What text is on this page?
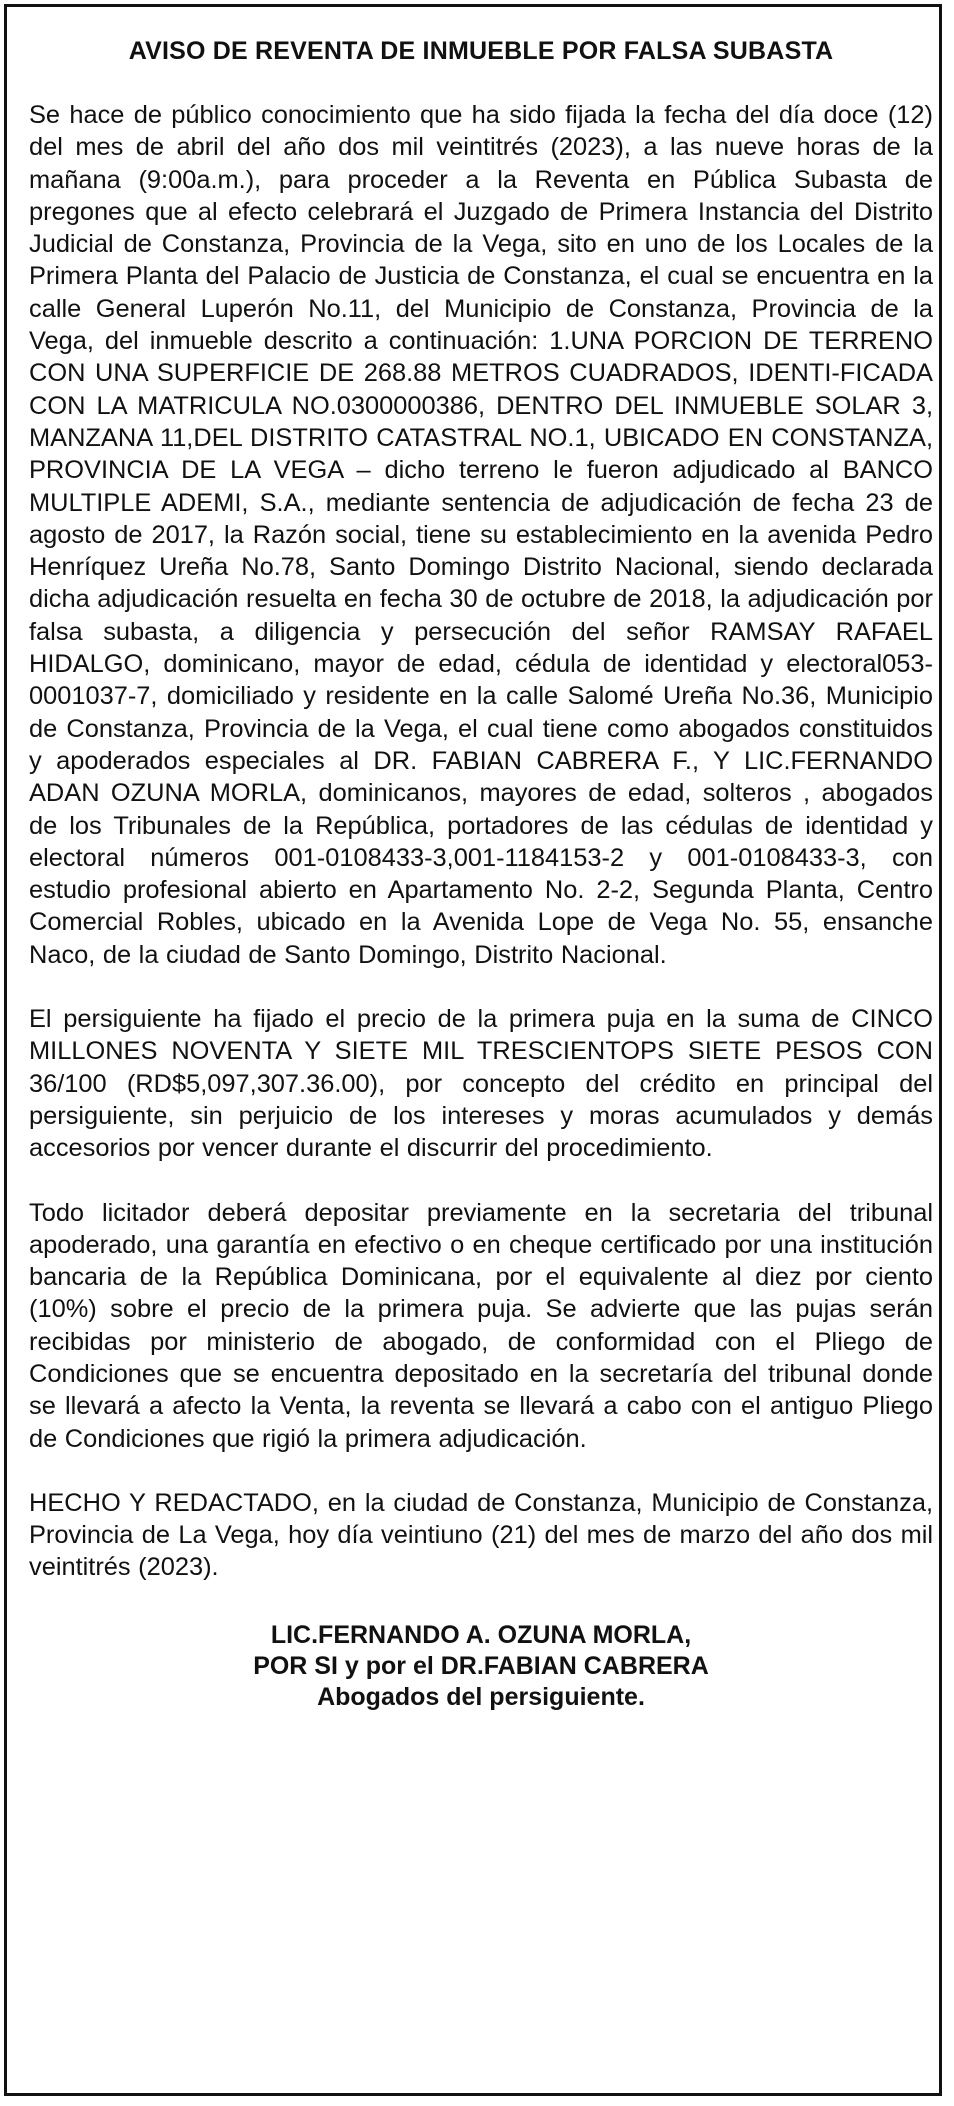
AVISO DE REVENTA DE INMUEBLE POR FALSA SUBASTA

Se hace de público conocimiento que ha sido fijada la fecha del día doce (12) del mes de abril del año dos mil veintitrés (2023), a las nueve horas de la mañana (9:00a.m.), para proceder a la Reventa en Pública Subasta de pregones que al efecto celebrará el Juzgado de Primera Instancia del Distrito Judicial de Constanza, Provincia de la Vega, sito en uno de los Locales de la Primera Planta del Palacio de Justicia de Constanza, el cual se encuentra en la calle General Luperón No.11, del Municipio de Constanza, Provincia de la Vega, del inmueble descrito a continuación: 1.UNA PORCION DE TERRENO CON UNA SUPERFICIE DE 268.88 METROS CUADRADOS, IDENTI-FICADA CON LA MATRICULA NO.0300000386, DENTRO DEL INMUEBLE SOLAR 3, MANZANA 11,DEL DISTRITO CATASTRAL NO.1, UBICADO EN CONSTANZA, PROVINCIA DE LA VEGA – dicho terreno le fueron adjudicado al BANCO MULTIPLE ADEMI, S.A., mediante sentencia de adjudicación de fecha 23 de agosto de 2017, la Razón social, tiene su establecimiento en la avenida Pedro Henríquez Ureña No.78, Santo Domingo Distrito Nacional, siendo declarada dicha adjudicación resuelta en fecha 30 de octubre de 2018, la adjudicación por falsa subasta, a diligencia y persecución del señor RAMSAY RAFAEL HIDALGO, dominicano, mayor de edad, cédula de identidad y electoral053-0001037-7, domiciliado y residente en la calle Salomé Ureña No.36, Municipio de Constanza, Provincia de la Vega, el cual tiene como abogados constituidos y apoderados especiales al DR. FABIAN CABRERA F., Y LIC.FERNANDO ADAN OZUNA MORLA, dominicanos, mayores de edad, solteros , abogados de los Tribunales de la República, portadores de las cédulas de identidad y electoral números 001-0108433-3,001-1184153-2 y 001-0108433-3, con estudio profesional abierto en Apartamento No. 2-2, Segunda Planta, Centro Comercial Robles, ubicado en la Avenida Lope de Vega No. 55, ensanche Naco, de la ciudad de Santo Domingo, Distrito Nacional.

El persiguiente ha fijado el precio de la primera puja en la suma de CINCO MILLONES NOVENTA Y SIETE MIL TRESCIENTOPS SIETE PESOS CON 36/100 (RD$5,097,307.36.00), por concepto del crédito en principal del persiguiente, sin perjuicio de los intereses y moras acumulados y demás accesorios por vencer durante el discurrir del procedimiento.

Todo licitador deberá depositar previamente en la secretaria del tribunal apoderado, una garantía en efectivo o en cheque certificado por una institución bancaria de la República Dominicana, por el equivalente al diez por ciento (10%) sobre el precio de la primera puja. Se advierte que las pujas serán recibidas por ministerio de abogado, de conformidad con el Pliego de Condiciones que se encuentra depositado en la secretaría del tribunal donde se llevará a afecto la Venta, la reventa se llevará a cabo con el antiguo Pliego de Condiciones que rigió la primera adjudicación.

HECHO Y REDACTADO, en la ciudad de Constanza, Municipio de Constanza, Provincia de La Vega, hoy día veintiuno (21) del mes de marzo del año dos mil veintitrés (2023).

LIC.FERNANDO A. OZUNA MORLA,
POR SI y por el DR.FABIAN CABRERA
Abogados del persiguiente.
